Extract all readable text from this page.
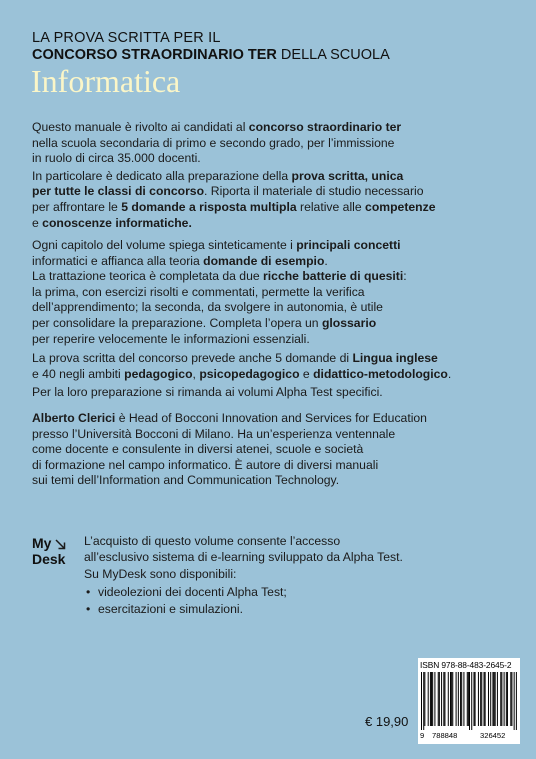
LA PROVA SCRITTA PER IL
CONCORSO STRAORDINARIO TER DELLA SCUOLA
Informatica
Questo manuale è rivolto ai candidati al concorso straordinario ter
nella scuola secondaria di primo e secondo grado, per l’immissione
in ruolo di circa 35.000 docenti.
In particolare è dedicato alla preparazione della prova scritta, unica
per tutte le classi di concorso. Riporta il materiale di studio necessario
per affrontare le 5 domande a risposta multipla relative alle competenze
e conoscenze informatiche.
Ogni capitolo del volume spiega sinteticamente i principali concetti
informatici e affianca alla teoria domande di esempio.
La trattazione teorica è completata da due ricche batterie di quesiti:
la prima, con esercizi risolti e commentati, permette la verifica
dell’apprendimento; la seconda, da svolgere in autonomia, è utile
per consolidare la preparazione. Completa l’opera un glossario
per reperire velocemente le informazioni essenziali.
La prova scritta del concorso prevede anche 5 domande di Lingua inglese
e 40 negli ambiti pedagogico, psicopedagogico e didattico-metodologico.
Per la loro preparazione si rimanda ai volumi Alpha Test specifici.
Alberto Clerici è Head of Bocconi Innovation and Services for Education
presso l’Università Bocconi di Milano. Ha un’esperienza ventennale
come docente e consulente in diversi atenei, scuole e società
di formazione nel campo informatico. È autore di diversi manuali
sui temi dell’Information and Communication Technology.
My
Desk
L’acquisto di questo volume consente l’accesso
all’esclusivo sistema di e-learning sviluppato da Alpha Test.
Su MyDesk sono disponibili:
• videolezioni dei docenti Alpha Test;
• esercitazioni e simulazioni.
ISBN 978-88-483-2645-2
9 788848	326452
€ 19,90
